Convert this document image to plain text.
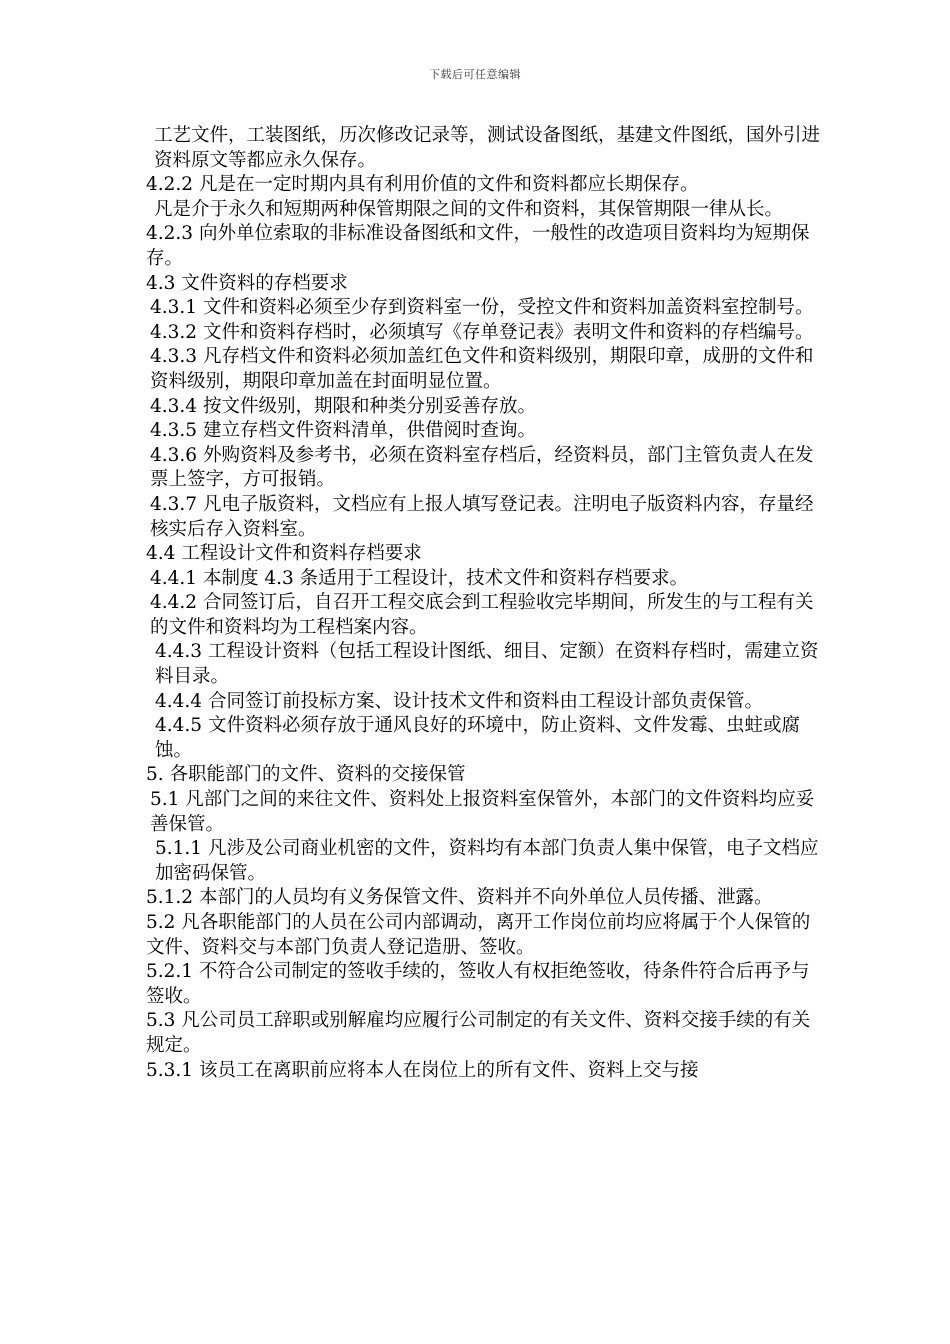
下载后可任意编辑

工艺文件，工装图纸，历次修改记录等，测试设备图纸，基建文件图纸，国外引进资料原文等都应永久保存。

4.2.2 凡是在一定时期内具有利用价值的文件和资料都应长期保存。

凡是介于永久和短期两种保管期限之间的文件和资料，其保管期限一律从长。

4.2.3 向外单位索取的非标准设备图纸和文件，一般性的改造项目资料均为短期保存。

4.3 文件资料的存档要求

4.3.1 文件和资料必须至少存到资料室一份，受控文件和资料加盖资料室控制号。

4.3.2 文件和资料存档时，必须填写《存单登记表》表明文件和资料的存档编号。

4.3.3 凡存档文件和资料必须加盖红色文件和资料级别，期限印章，成册的文件和资料级别，期限印章加盖在封面明显位置。

4.3.4 按文件级别，期限和种类分别妥善存放。

4.3.5 建立存档文件资料清单，供借阅时查询。

4.3.6 外购资料及参考书，必须在资料室存档后，经资料员，部门主管负责人在发票上签字，方可报销。

4.3.7 凡电子版资料，文档应有上报人填写登记表。注明电子版资料内容，存量经核实后存入资料室。

4.4 工程设计文件和资料存档要求

4.4.1 本制度 4.3 条适用于工程设计，技术文件和资料存档要求。

4.4.2 合同签订后，自召开工程交底会到工程验收完毕期间，所发生的与工程有关的文件和资料均为工程档案内容。

4.4.3 工程设计资料（包括工程设计图纸、细目、定额）在资料存档时，需建立资料目录。

4.4.4 合同签订前投标方案、设计技术文件和资料由工程设计部负责保管。

4.4.5 文件资料必须存放于通风良好的环境中，防止资料、文件发霉、虫蛀或腐蚀。

5. 各职能部门的文件、资料的交接保管

5.1 凡部门之间的来往文件、资料处上报资料室保管外，本部门的文件资料均应妥善保管。

5.1.1 凡涉及公司商业机密的文件，资料均有本部门负责人集中保管，电子文档应加密码保管。

5.1.2 本部门的人员均有义务保管文件、资料并不向外单位人员传播、泄露。

5.2 凡各职能部门的人员在公司内部调动，离开工作岗位前均应将属于个人保管的文件、资料交与本部门负责人登记造册、签收。

5.2.1 不符合公司制定的签收手续的，签收人有权拒绝签收，待条件符合后再予与签收。

5.3 凡公司员工辞职或别解雇均应履行公司制定的有关文件、资料交接手续的有关规定。

5.3.1 该员工在离职前应将本人在岗位上的所有文件、资料上交与接
